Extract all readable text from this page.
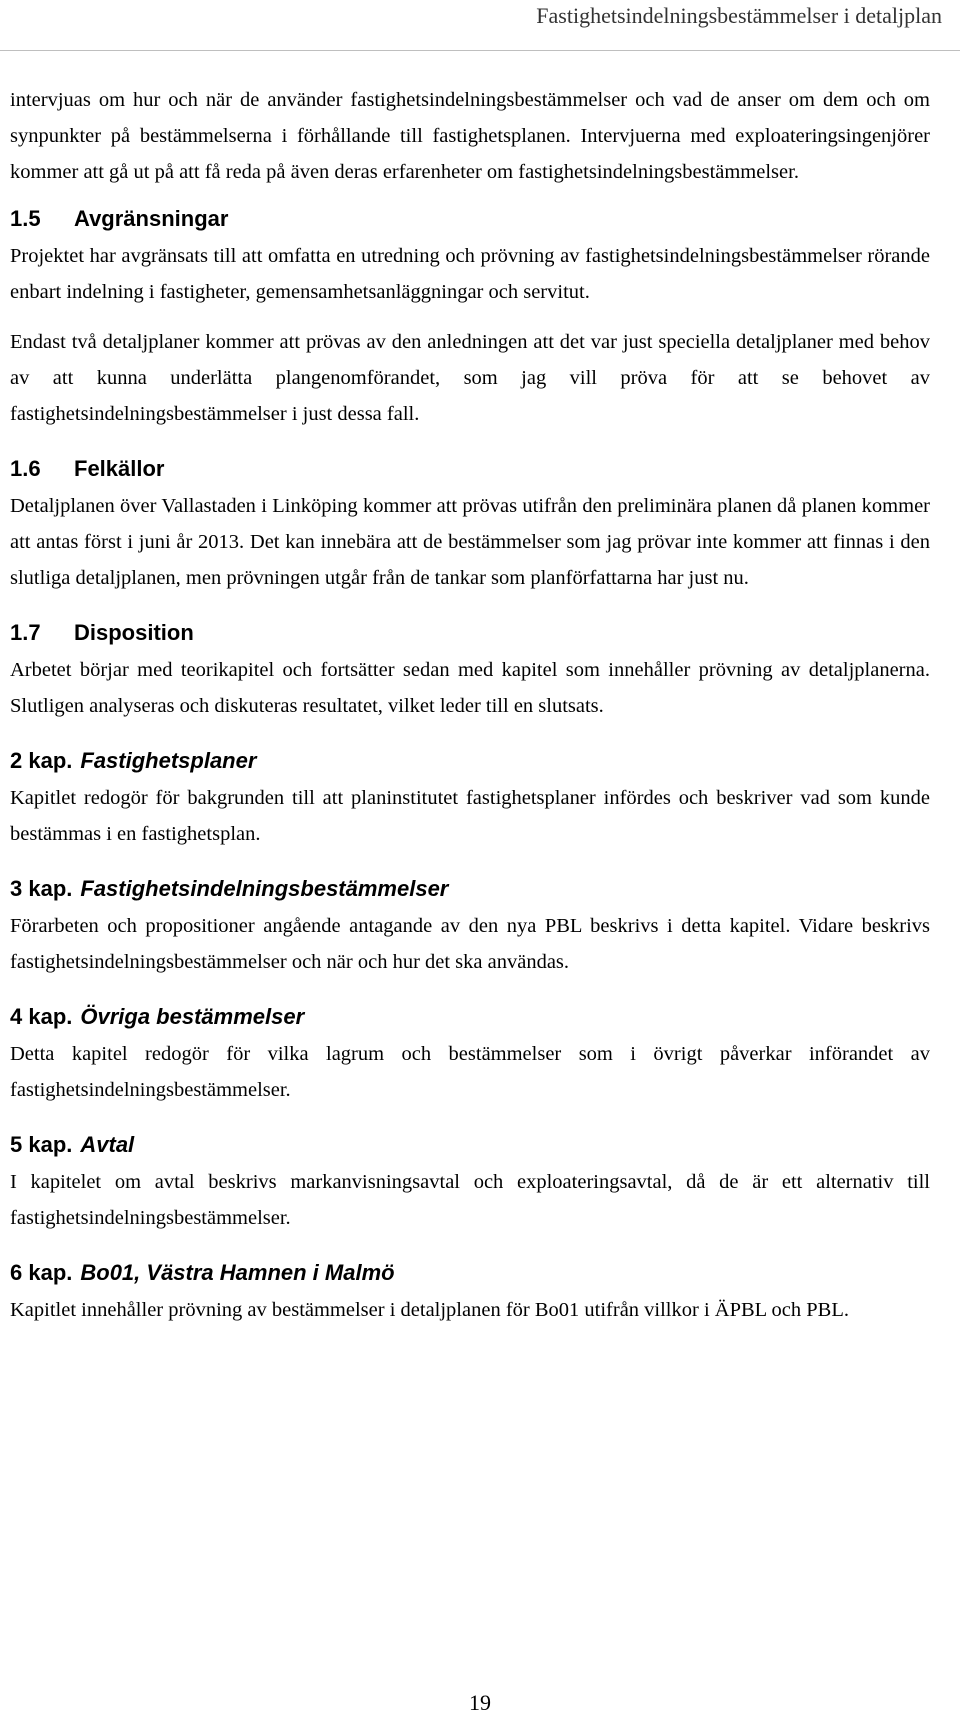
Fastighetsindelningsbestämmelser i detaljplan

intervjuas om hur och när de använder fastighetsindelningsbestämmelser och vad de anser om dem och om synpunkter på bestämmelserna i förhållande till fastighetsplanen. Intervjuerna med exploateringsingenjörer kommer att gå ut på att få reda på även deras erfarenheter om fastighetsindelningsbestämmelser.

1.5 Avgränsningar

Projektet har avgränsats till att omfatta en utredning och prövning av fastighetsindelningsbestämmelser rörande enbart indelning i fastigheter, gemensamhetsanläggningar och servitut.

Endast två detaljplaner kommer att prövas av den anledningen att det var just speciella detaljplaner med behov av att kunna underlätta plangenomförandet, som jag vill pröva för att se behovet av fastighetsindelningsbestämmelser i just dessa fall.

1.6 Felkällor

Detaljplanen över Vallastaden i Linköping kommer att prövas utifrån den preliminära planen då planen kommer att antas först i juni år 2013. Det kan innebära att de bestämmelser som jag prövar inte kommer att finnas i den slutliga detaljplanen, men prövningen utgår från de tankar som planförfattarna har just nu.

1.7 Disposition

Arbetet börjar med teorikapitel och fortsätter sedan med kapitel som innehåller prövning av detaljplanerna. Slutligen analyseras och diskuteras resultatet, vilket leder till en slutsats.

2 kap. Fastighetsplaner

Kapitlet redogör för bakgrunden till att planinstitutet fastighetsplaner infördes och beskriver vad som kunde bestämmas i en fastighetsplan.

3 kap. Fastighetsindelningsbestämmelser

Förarbeten och propositioner angående antagande av den nya PBL beskrivs i detta kapitel. Vidare beskrivs fastighetsindelningsbestämmelser och när och hur det ska användas.

4 kap. Övriga bestämmelser

Detta kapitel redogör för vilka lagrum och bestämmelser som i övrigt påverkar införandet av fastighetsindelningsbestämmelser.

5 kap. Avtal

I kapitelet om avtal beskrivs markanvisningsavtal och exploateringsavtal, då de är ett alternativ till fastighetsindelningsbestämmelser.

6 kap. Bo01, Västra Hamnen i Malmö

Kapitlet innehåller prövning av bestämmelser i detaljplanen för Bo01 utifrån villkor i ÄPBL och PBL.

19
